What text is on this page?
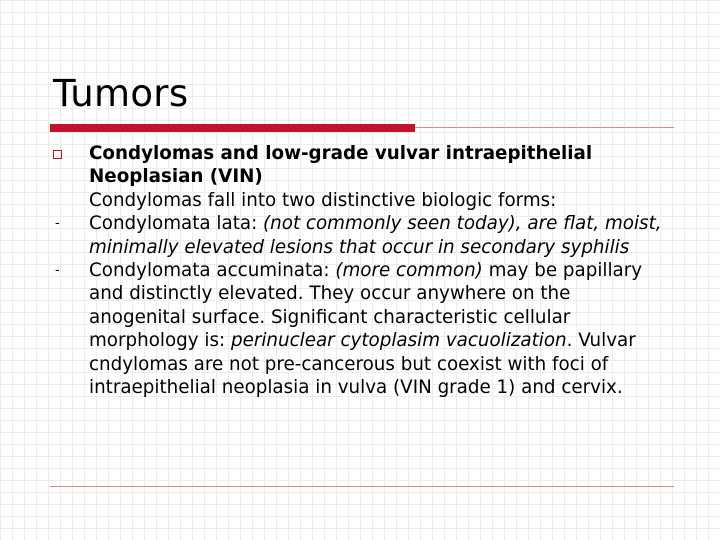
Tumors
Condylomas and low-grade vulvar intraepithelial Neoplasian (VIN)
Condylomas fall into two distinctive biologic forms:
-	Condylomata lata: (not commonly seen today), are flat, moist, minimally elevated lesions that occur in secondary syphilis
-	Condylomata accuminata: (more common) may be papillary and distinctly elevated. They occur anywhere on the anogenital surface. Significant characteristic cellular morphology is: perinuclear cytoplasim vacuolization. Vulvar cndylomas are not pre-cancerous but coexist with foci of intraepithelial neoplasia in vulva (VIN grade 1) and cervix.
